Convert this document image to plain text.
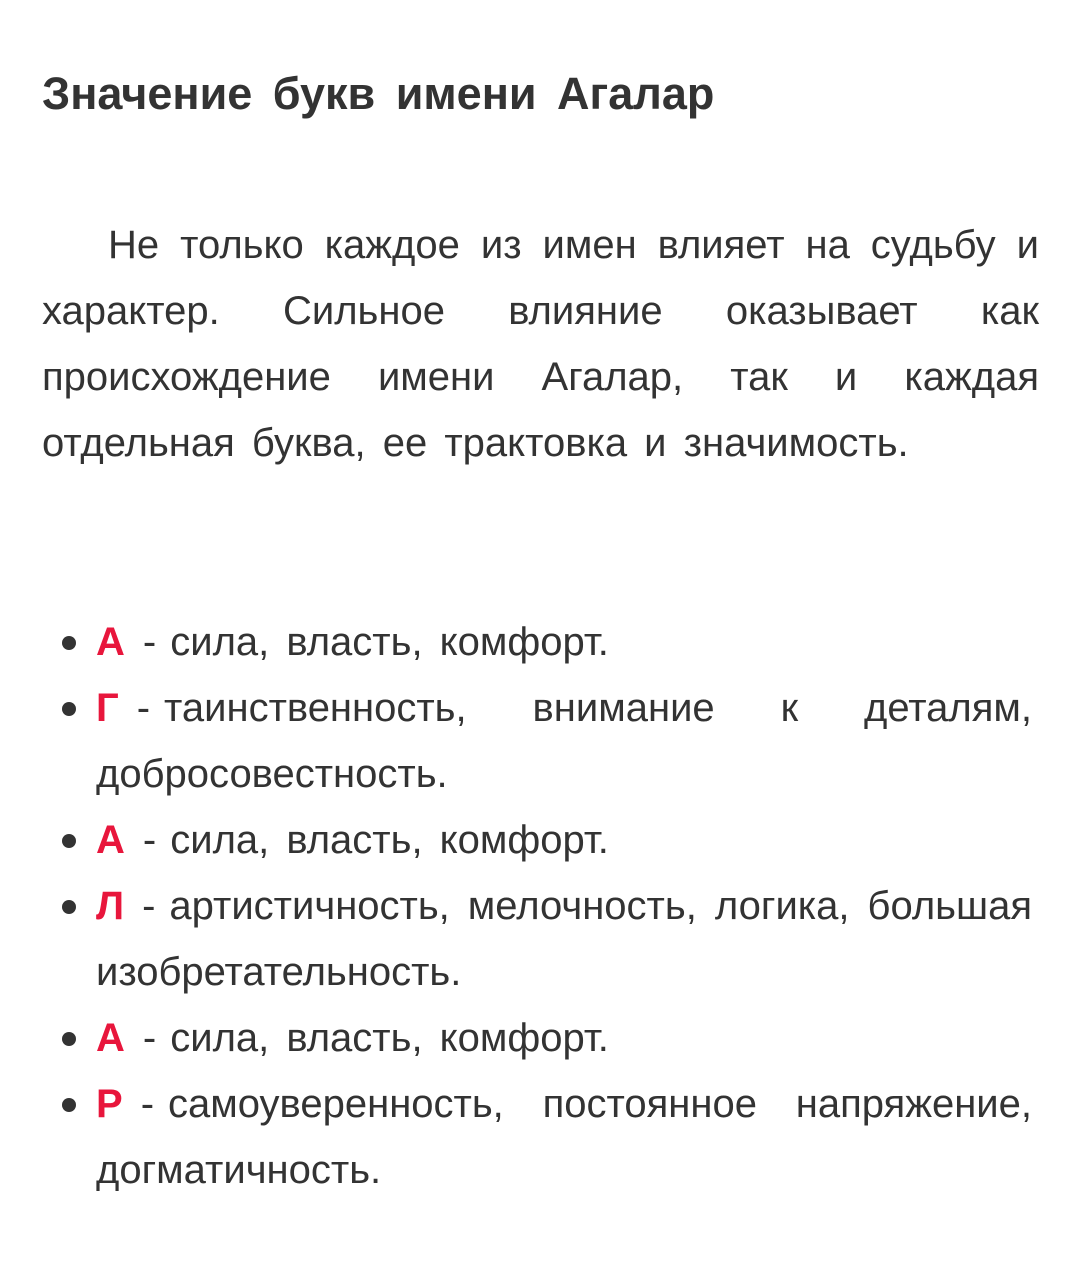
Значение букв имени Агалар

Не только каждое из имен влияет на судьбу и характер. Сильное влияние оказывает как происхождение имени Агалар, так и каждая отдельная буква, ее трактовка и значимость.

А - сила, власть, комфорт.
Г - таинственность, внимание к деталям, добросовестность.
А - сила, власть, комфорт.
Л - артистичность, мелочность, логика, большая изобретательность.
А - сила, власть, комфорт.
Р - самоуверенность, постоянное напряжение, догматичность.
